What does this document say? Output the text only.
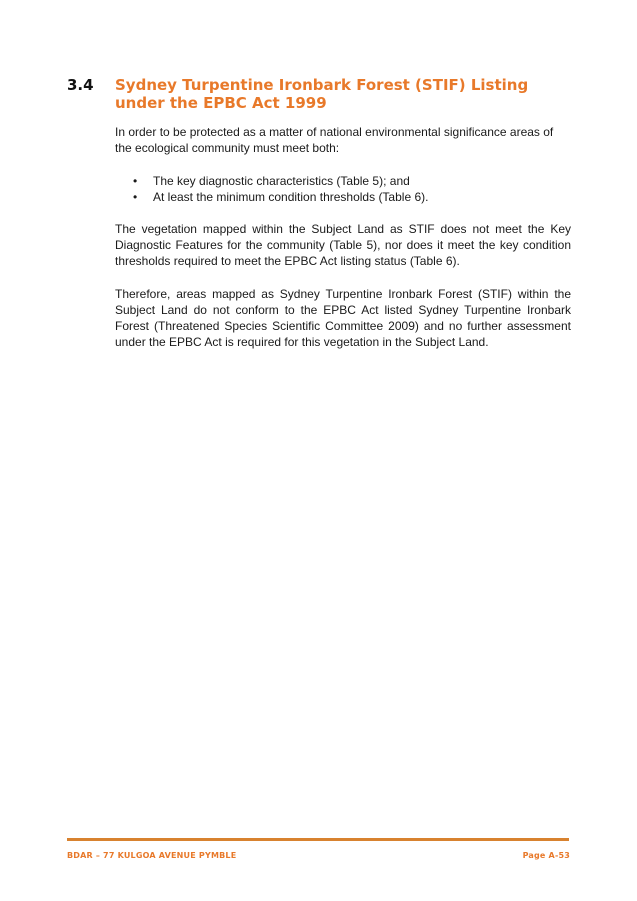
3.4 Sydney Turpentine Ironbark Forest (STIF) Listing under the EPBC Act 1999

In order to be protected as a matter of national environmental significance areas of the ecological community must meet both:

• The key diagnostic characteristics (Table 5); and
• At least the minimum condition thresholds (Table 6).

The vegetation mapped within the Subject Land as STIF does not meet the Key Diagnostic Features for the community (Table 5), nor does it meet the key condition thresholds required to meet the EPBC Act listing status (Table 6).

Therefore, areas mapped as Sydney Turpentine Ironbark Forest (STIF) within the Subject Land do not conform to the EPBC Act listed Sydney Turpentine Ironbark Forest (Threatened Species Scientific Committee 2009) and no further assessment under the EPBC Act is required for this vegetation in the Subject Land.

BDAR – 77 KULGOA AVENUE PYMBLE	Page A-53
